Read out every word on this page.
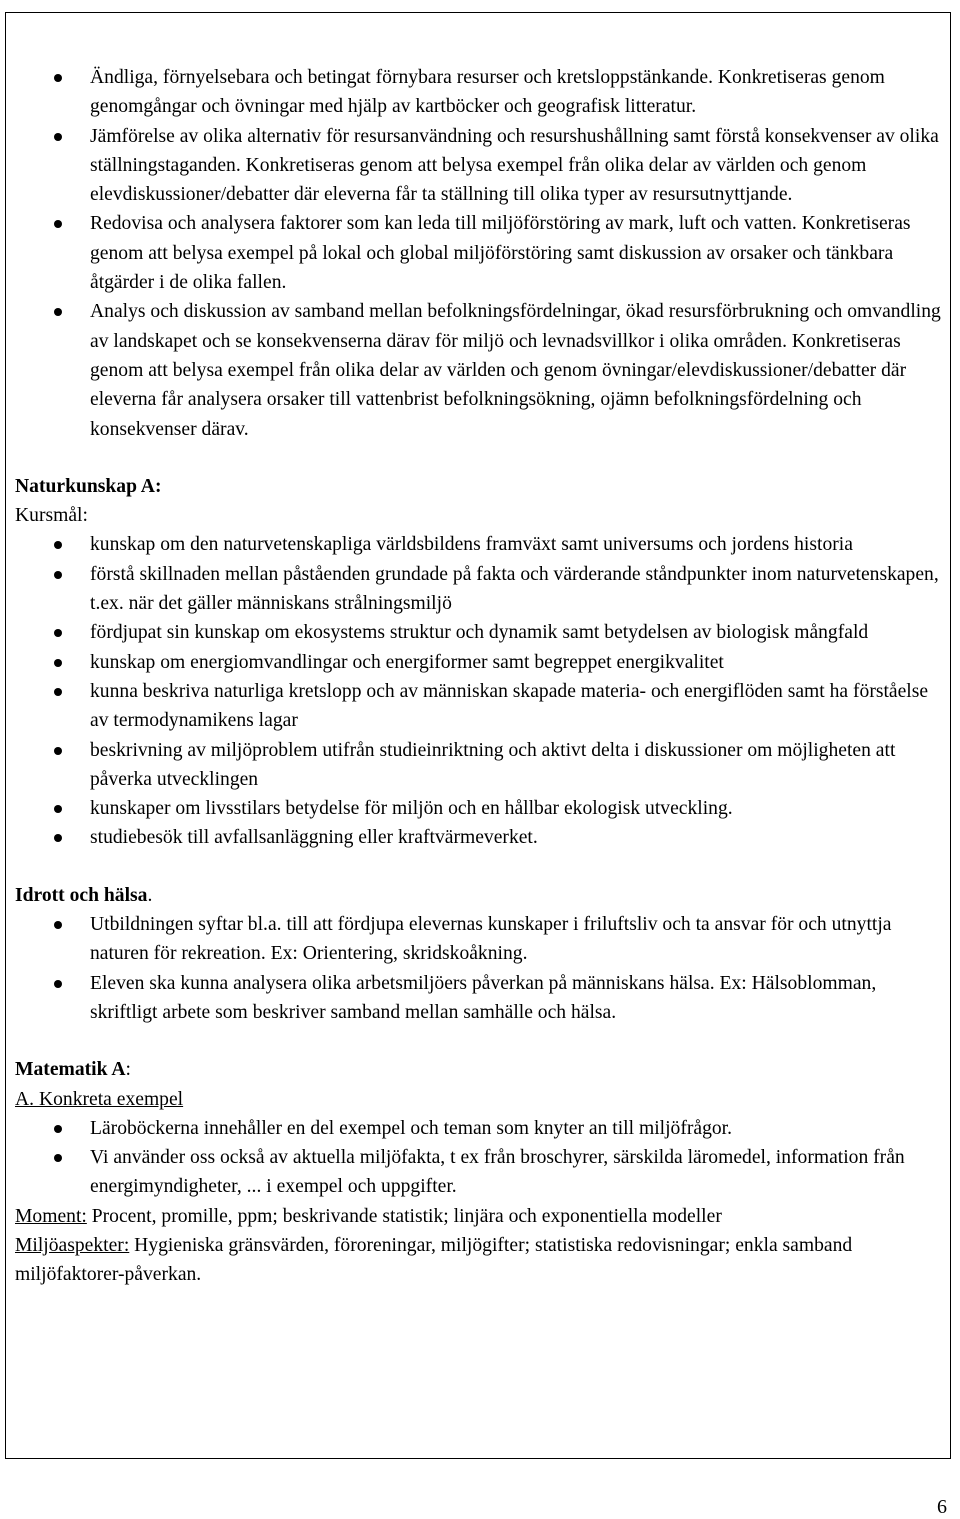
Ändliga, förnyelsebara och betingat förnybara resurser och kretsloppstänkande. Konkretiseras genom genomgångar och övningar med hjälp av kartböcker och geografisk litteratur.
Jämförelse av olika alternativ för resursanvändning och resurshushållning samt förstå konsekvenser av olika ställningstaganden. Konkretiseras genom att belysa exempel från olika delar av världen och genom elevdiskussioner/debatter där eleverna får ta ställning till olika typer av resursutnyttjande.
Redovisa och analysera faktorer som kan leda till miljöförstöring av mark, luft och vatten. Konkretiseras genom att belysa exempel på lokal och global miljöförstöring samt diskussion av orsaker och tänkbara åtgärder i de olika fallen.
Analys och diskussion av samband mellan befolkningsfördelningar, ökad resursförbrukning och omvandling av landskapet och se konsekvenserna därav för miljö och levnadsvillkor i olika områden. Konkretiseras genom att belysa exempel från olika delar av världen och genom övningar/elevdiskussioner/debatter där eleverna får analysera orsaker till vattenbrist befolkningsökning, ojämn befolkningsfördelning och konsekvenser därav.

Naturkunskap A:

Kursmål:

kunskap om den naturvetenskapliga världsbildens framväxt samt universums och jordens historia
förstå skillnaden mellan påståenden grundade på fakta och värderande ståndpunkter inom naturvetenskapen, t.ex. när det gäller människans strålningsmiljö
fördjupat sin kunskap om ekosystems struktur och dynamik samt betydelsen av biologisk mångfald
kunskap om energiomvandlingar och energiformer samt begreppet energikvalitet
kunna beskriva naturliga kretslopp och av människan skapade materia- och energiflöden samt ha förståelse av termodynamikens lagar
beskrivning av miljöproblem utifrån studieinriktning och aktivt delta i diskussioner om möjligheten att påverka utvecklingen
kunskaper om livsstilars betydelse för miljön och en hållbar ekologisk utveckling.
studiebesök till avfallsanläggning eller kraftvärmeverket.

Idrott och hälsa.

Utbildningen syftar bl.a. till att fördjupa elevernas kunskaper i friluftsliv och ta ansvar för och utnyttja naturen för rekreation. Ex: Orientering, skridskoåkning.
Eleven ska kunna analysera olika arbetsmiljöers påverkan på människans hälsa. Ex: Hälsoblomman, skriftligt arbete som beskriver samband mellan samhälle och hälsa.

Matematik A:

A. Konkreta exempel

Läroböckerna innehåller en del exempel och teman som knyter an till miljöfrågor.
Vi använder oss också av aktuella miljöfakta, t ex från broschyrer, särskilda läromedel, information från energimyndigheter, ... i exempel och uppgifter.

Moment: Procent, promille, ppm; beskrivande statistik; linjära och exponentiella modeller

Miljöaspekter: Hygieniska gränsvärden, föroreningar, miljögifter; statistiska redovisningar; enkla samband miljöfaktorer-påverkan.

6
